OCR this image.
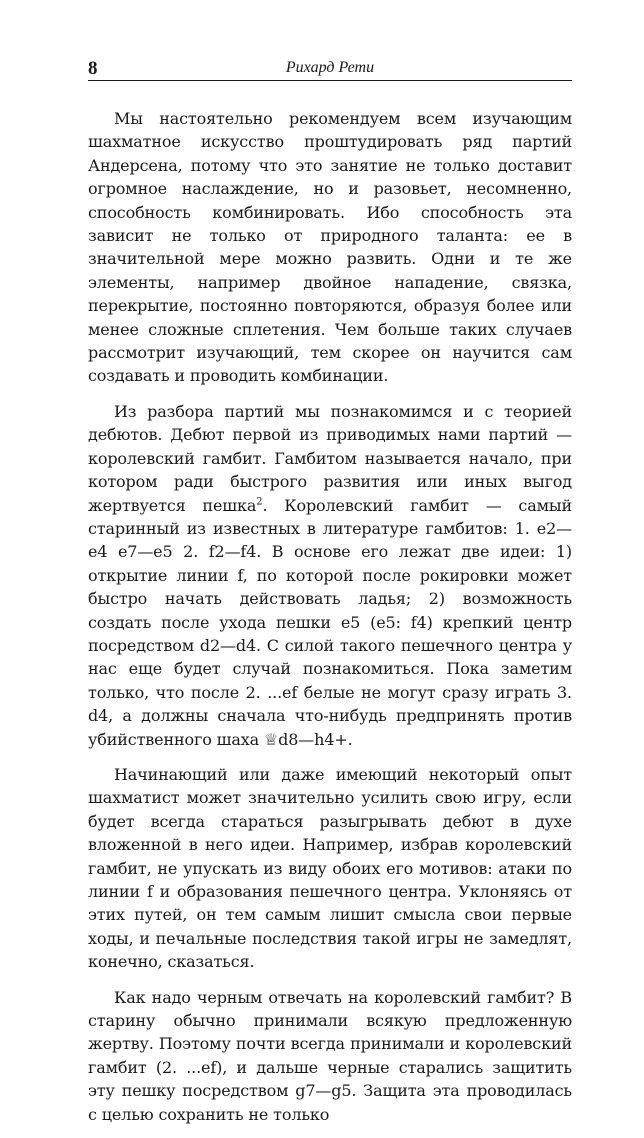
8	Рихард Рети

Мы настоятельно рекомендуем всем изучающим шахматное искусство проштудировать ряд партий Андерсена, потому что это занятие не только доставит огромное наслаждение, но и разовьет, несомненно, способность комбинировать. Ибо способность эта зависит не только от природного таланта: ее в значительной мере можно развить. Одни и те же элементы, например двойное нападение, связка, перекрытие, постоянно повторяются, образуя более или менее сложные сплетения. Чем больше таких случаев рассмотрит изучающий, тем скорее он научится сам создавать и проводить комбинации.

Из разбора партий мы познакомимся и с теорией дебютов. Дебют первой из приводимых нами партий — королевский гамбит. Гамбитом называется начало, при котором ради быстрого развития или иных выгод жертвуется пешка$^2$. Королевский гамбит — самый старинный из известных в литературе гамбитов: 1. e2—e4 e7—e5 2. f2—f4. В основе его лежат две идеи: 1) открытие линии f, по которой после рокировки может быстро начать действовать ладья; 2) возможность создать после ухода пешки e5 (e5: f4) крепкий центр посредством d2—d4. С силой такого пешечного центра у нас еще будет случай познакомиться. Пока заметим только, что после 2. ...ef белые не могут сразу играть 3. d4, а должны сначала что-нибудь предпринять против убийственного шаха ♕d8—h4+.

Начинающий или даже имеющий некоторый опыт шахматист может значительно усилить свою игру, если будет всегда стараться разыгрывать дебют в духе вложенной в него идеи. Например, избрав королевский гамбит, не упускать из виду обоих его мотивов: атаки по линии f и образования пешечного центра. Уклоняясь от этих путей, он тем самым лишит смысла свои первые ходы, и печальные последствия такой игры не замедлят, конечно, сказаться.

Как надо черным отвечать на королевский гамбит? В старину обычно принимали всякую предложенную жертву. Поэтому почти всегда принимали и королевский гамбит (2. ...ef), и дальше черные старались защитить эту пешку посредством g7—g5. Защита эта проводилась с целью сохранить не только
